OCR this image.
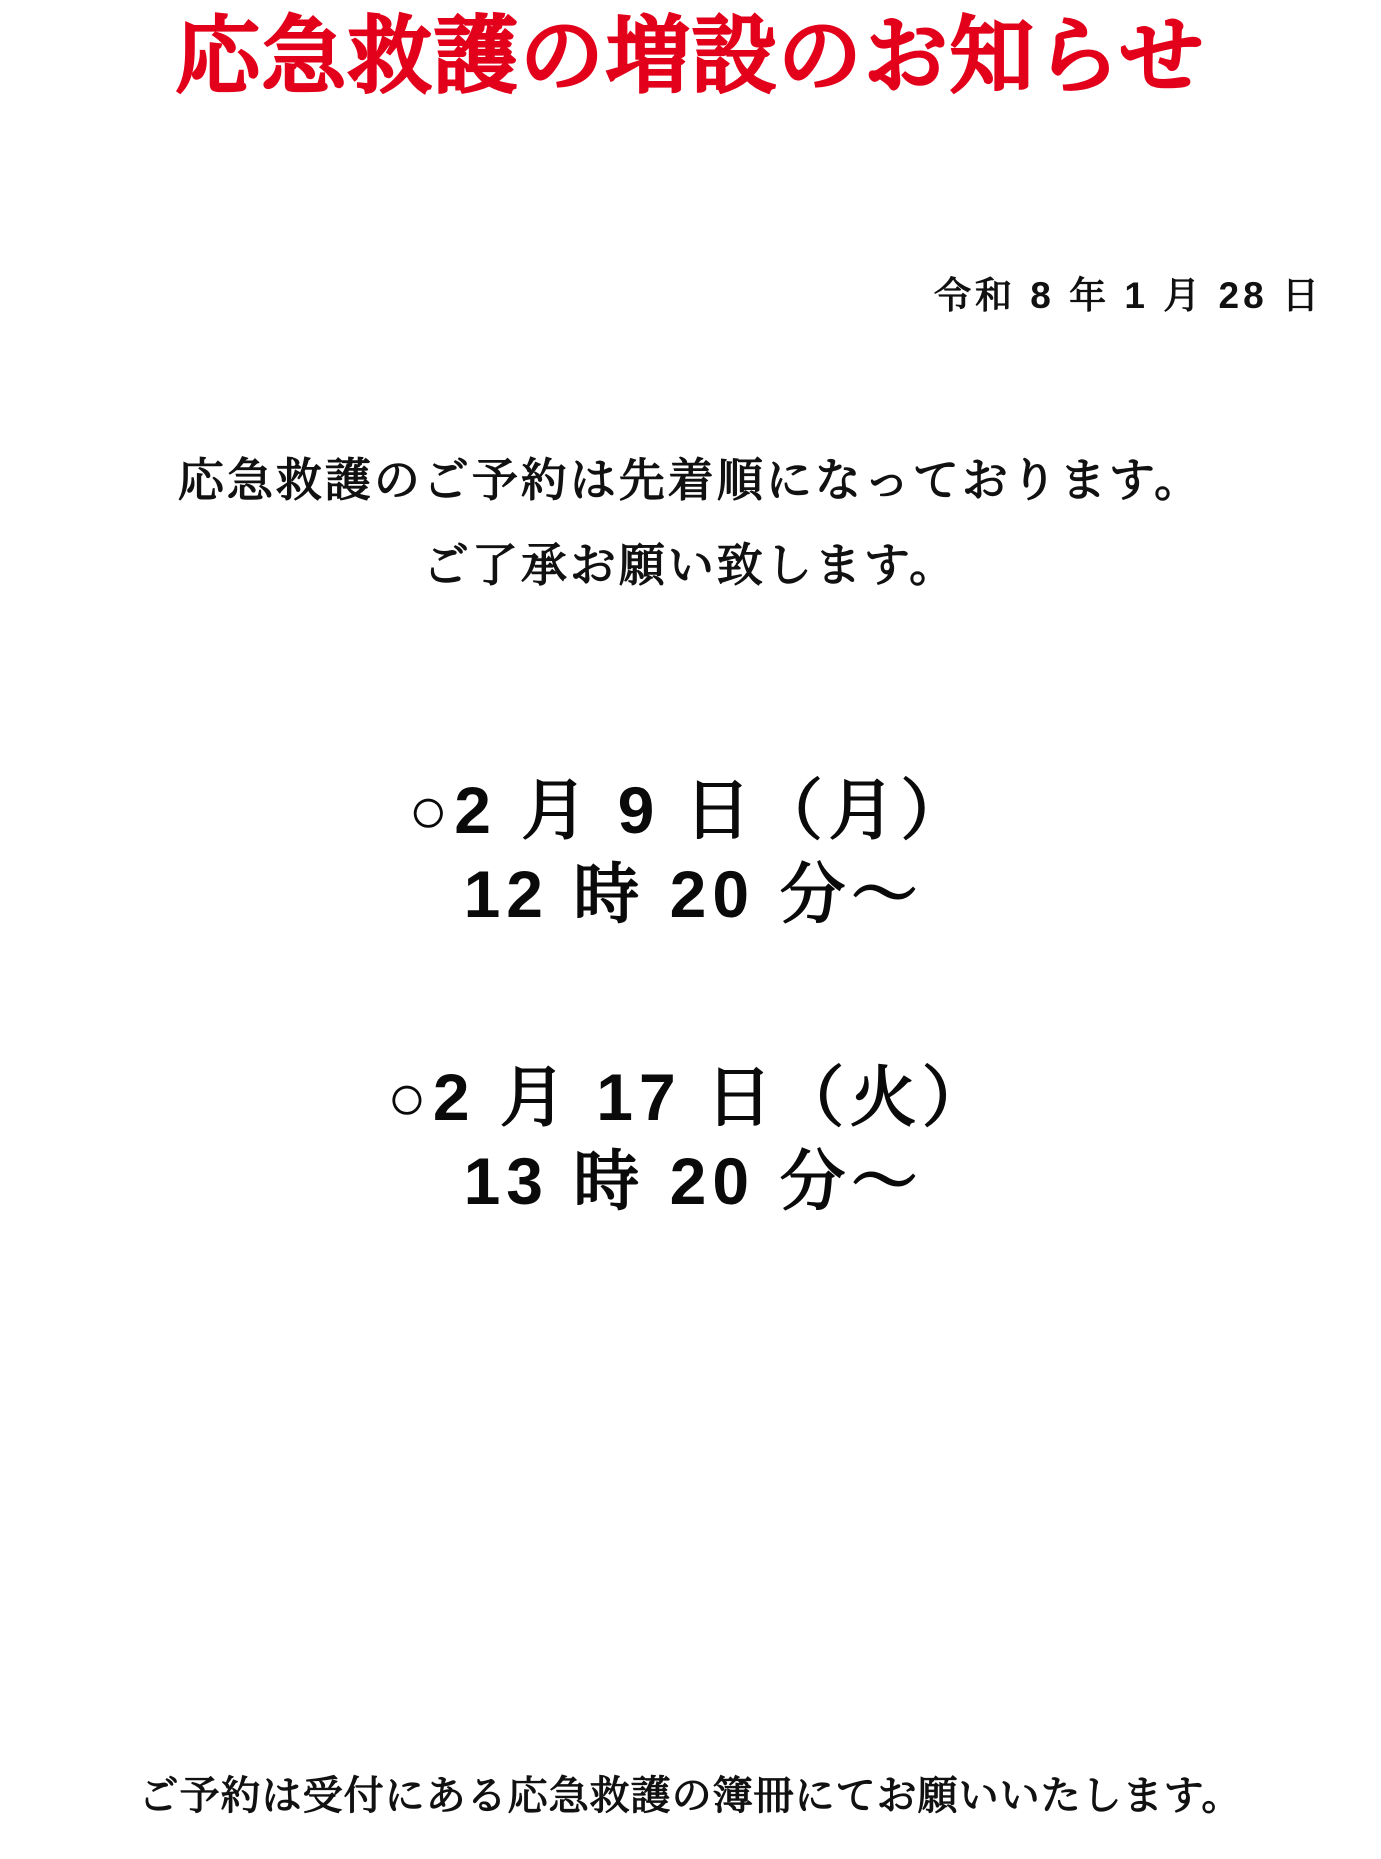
応急救護の増設のお知らせ
令和 8 年 1 月 28 日
応急救護のご予約は先着順になっております。
ご了承お願い致します。
○2 月 9 日（月）
12 時 20 分〜
○2 月 17 日（火）
13 時 20 分〜
ご予約は受付にある応急救護の簿冊にてお願いいたします。
